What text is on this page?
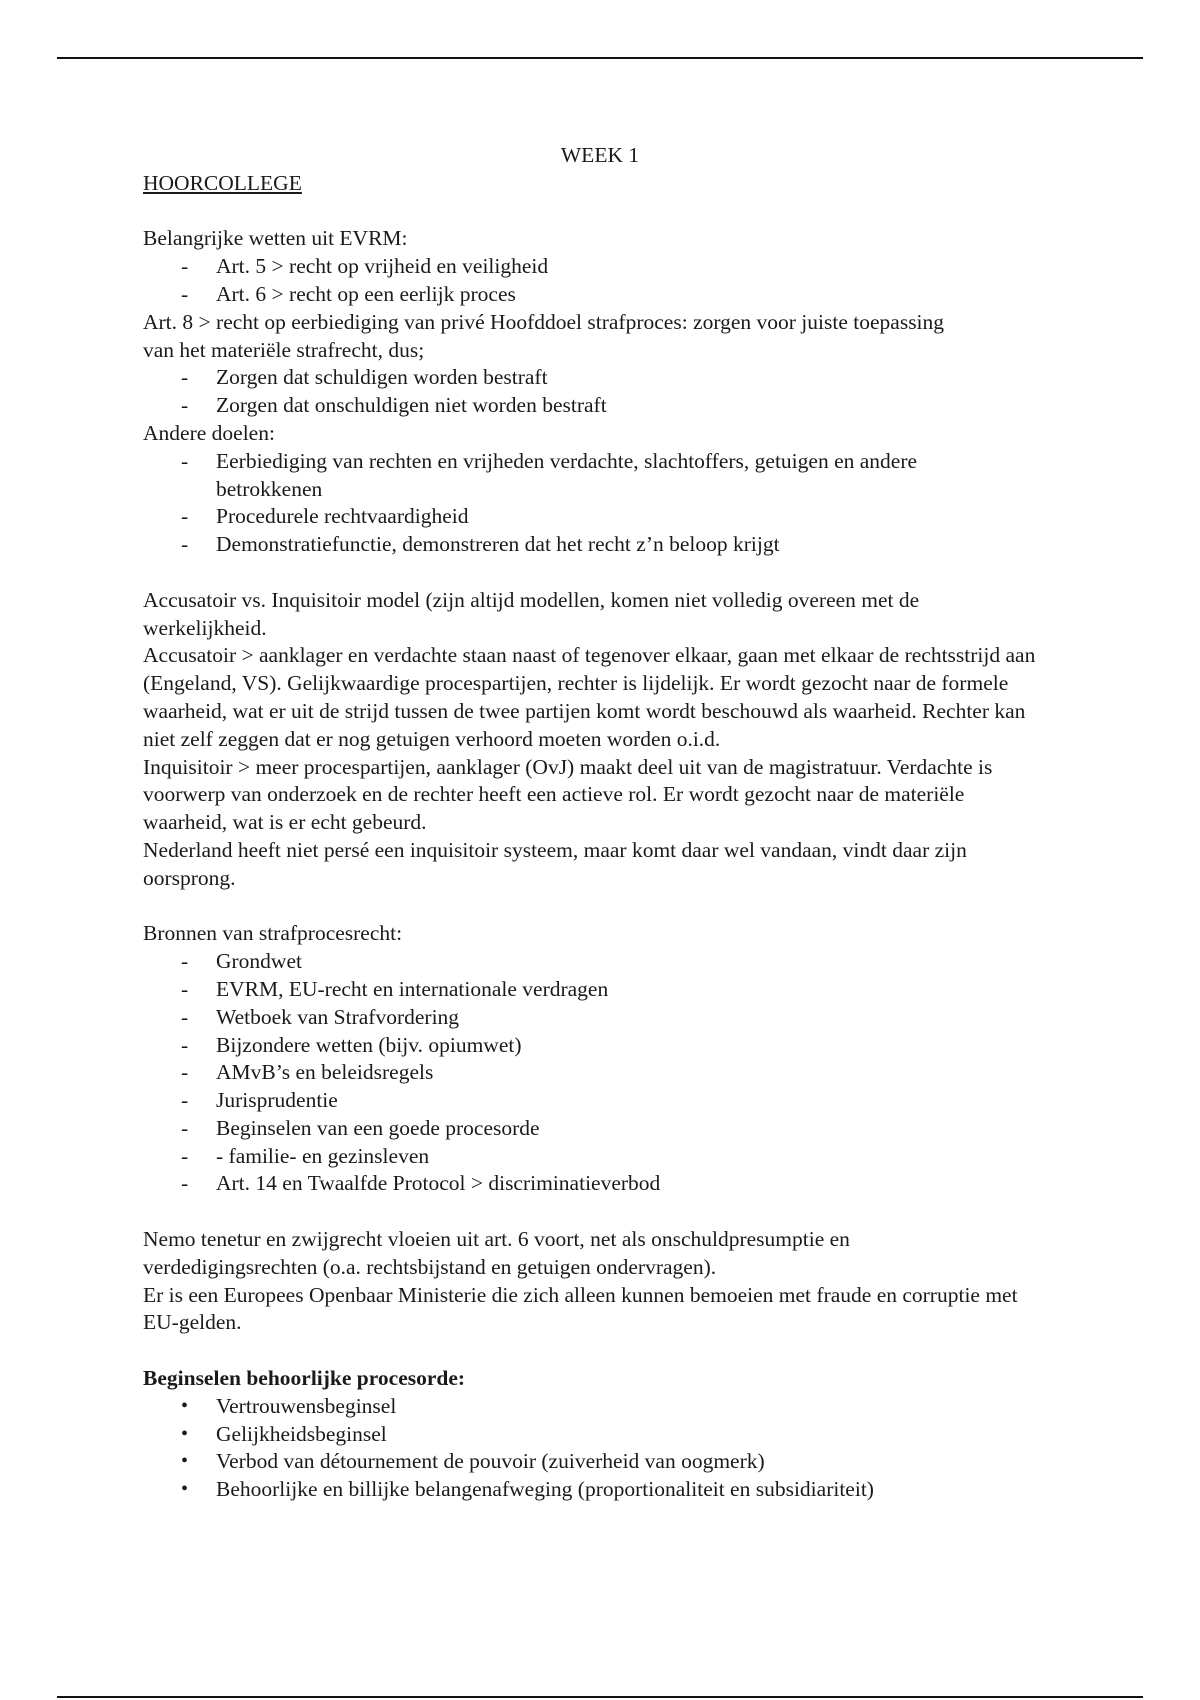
WEEK 1

HOORCOLLEGE

Belangrijke wetten uit EVRM:

- Art. 5 > recht op vrijheid en veiligheid
- Art. 6 > recht op een eerlijk proces

Art. 8 > recht op eerbiediging van privé Hoofddoel strafproces: zorgen voor juiste toepassing

van het materiële strafrecht, dus;

- Zorgen dat schuldigen worden bestraft
- Zorgen dat onschuldigen niet worden bestraft

Andere doelen:

- Eerbiediging van rechten en vrijheden verdachte, slachtoffers, getuigen en andere betrokkenen
- Procedurele rechtvaardigheid
- Demonstratiefunctie, demonstreren dat het recht z’n beloop krijgt

Accusatoir vs. Inquisitoir model (zijn altijd modellen, komen niet volledig overeen met de werkelijkheid.

Accusatoir > aanklager en verdachte staan naast of tegenover elkaar, gaan met elkaar de rechtsstrijd aan (Engeland, VS). Gelijkwaardige procespartijen, rechter is lijdelijk. Er wordt gezocht naar de formele waarheid, wat er uit de strijd tussen de twee partijen komt wordt beschouwd als waarheid. Rechter kan niet zelf zeggen dat er nog getuigen verhoord moeten worden o.i.d.

Inquisitoir > meer procespartijen, aanklager (OvJ) maakt deel uit van de magistratuur. Verdachte is voorwerp van onderzoek en de rechter heeft een actieve rol. Er wordt gezocht naar de materiële waarheid, wat is er echt gebeurd.

Nederland heeft niet persé een inquisitoir systeem, maar komt daar wel vandaan, vindt daar zijn oorsprong.

Bronnen van strafprocesrecht:

- Grondwet
- EVRM, EU-recht en internationale verdragen
- Wetboek van Strafvordering
- Bijzondere wetten (bijv. opiumwet)
- AMvB’s en beleidsregels
- Jurisprudentie
- Beginselen van een goede procesorde
- - familie- en gezinsleven
- Art. 14 en Twaalfde Protocol > discriminatieverbod

Nemo tenetur en zwijgrecht vloeien uit art. 6 voort, net als onschuldpresumptie en verdedigingsrechten (o.a. rechtsbijstand en getuigen ondervragen).

Er is een Europees Openbaar Ministerie die zich alleen kunnen bemoeien met fraude en corruptie met EU-gelden.

Beginselen behoorlijke procesorde:

• Vertrouwensbeginsel
• Gelijkheidsbeginsel
• Verbod van détournement de pouvoir (zuiverheid van oogmerk)
• Behoorlijke en billijke belangenafweging (proportionaliteit en subsidiariteit)
